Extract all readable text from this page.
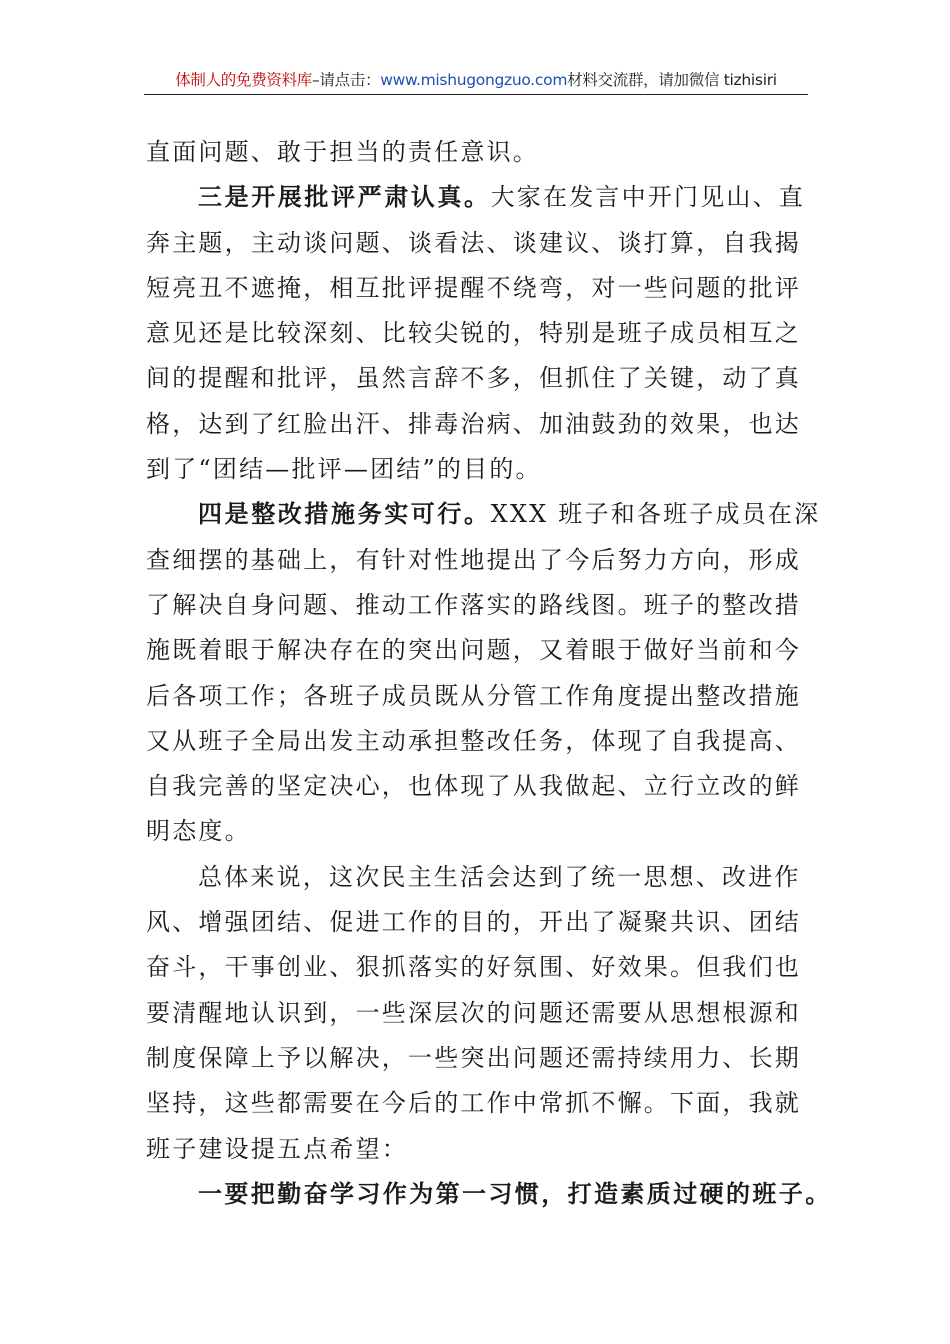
体制人的免费资料库–请点击：www.mishugongzuo.com材料交流群，请加微信 tizhisiri
直面问题、敢于担当的责任意识。
三是开展批评严肃认真。大家在发言中开门见山、直
奔主题，主动谈问题、谈看法、谈建议、谈打算，自我揭
短亮丑不遮掩，相互批评提醒不绕弯，对一些问题的批评
意见还是比较深刻、比较尖锐的，特别是班子成员相互之
间的提醒和批评，虽然言辞不多，但抓住了关键，动了真
格，达到了红脸出汗、排毒治病、加油鼓劲的效果，也达
到了“团结—批评—团结”的目的。
四是整改措施务实可行。XXX 班子和各班子成员在深
查细摆的基础上，有针对性地提出了今后努力方向，形成
了解决自身问题、推动工作落实的路线图。班子的整改措
施既着眼于解决存在的突出问题，又着眼于做好当前和今
后各项工作；各班子成员既从分管工作角度提出整改措施
又从班子全局出发主动承担整改任务，体现了自我提高、
自我完善的坚定决心，也体现了从我做起、立行立改的鲜
明态度。
总体来说，这次民主生活会达到了统一思想、改进作
风、增强团结、促进工作的目的，开出了凝聚共识、团结
奋斗，干事创业、狠抓落实的好氛围、好效果。但我们也
要清醒地认识到，一些深层次的问题还需要从思想根源和
制度保障上予以解决，一些突出问题还需持续用力、长期
坚持，这些都需要在今后的工作中常抓不懈。下面，我就
班子建设提五点希望：
一要把勤奋学习作为第一习惯，打造素质过硬的班子。
